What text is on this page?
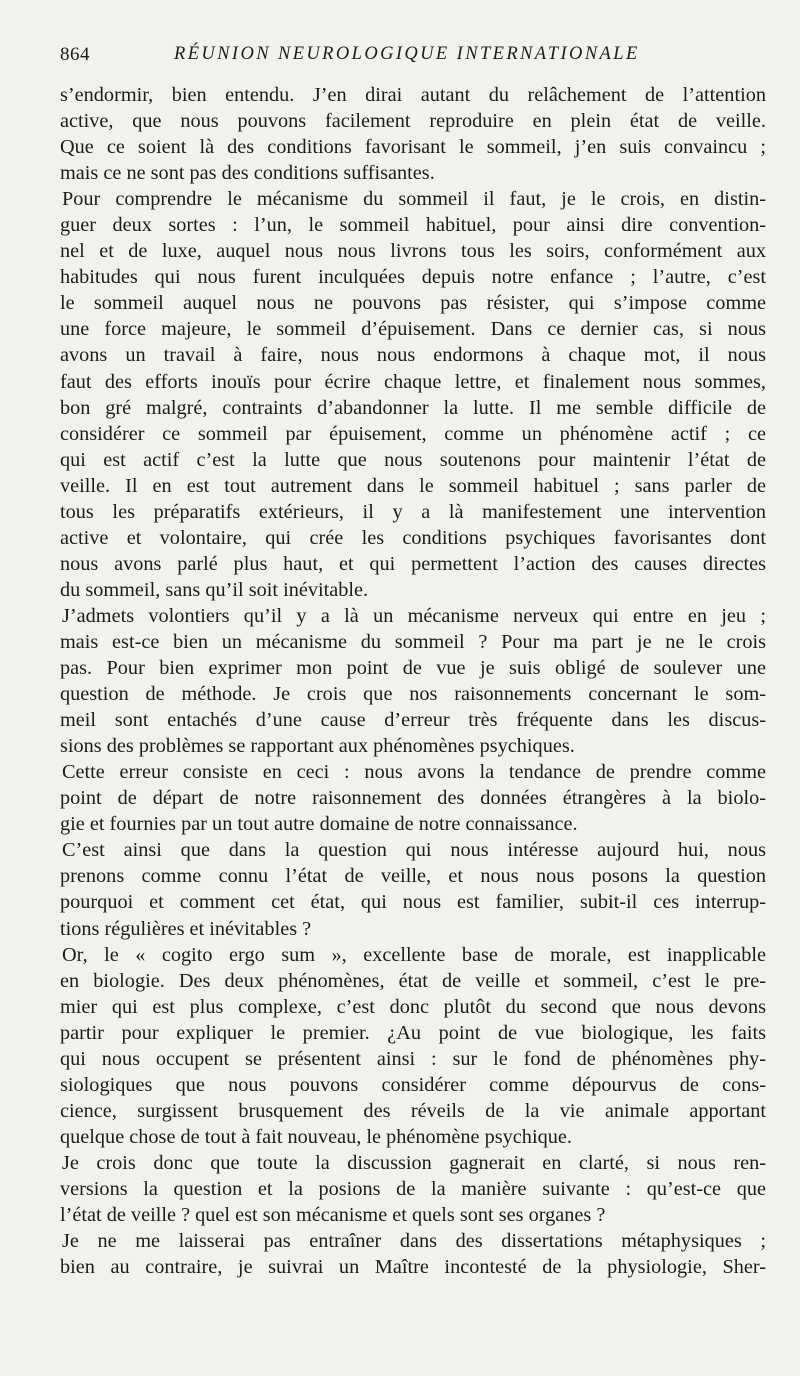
864	RÉUNION NEUROLOGIQUE INTERNATIONALE
s’endormir, bien entendu. J’en dirai autant du relâchement de l’attention
active, que nous pouvons facilement reproduire en plein état de veille.
Que ce soient là des conditions favorisant le sommeil, j’en suis convaincu ;
mais ce ne sont pas des conditions suffisantes.
Pour comprendre le mécanisme du sommeil il faut, je le crois, en distin-
guer deux sortes : l’un, le sommeil habituel, pour ainsi dire convention-
nel et de luxe, auquel nous nous livrons tous les soirs, conformément aux
habitudes qui nous furent inculquées depuis notre enfance ; l’autre, c’est
le sommeil auquel nous ne pouvons pas résister, qui s’impose comme
une force majeure, le sommeil d’épuisement. Dans ce dernier cas, si nous
avons un travail à faire, nous nous endormons à chaque mot, il nous
faut des efforts inouïs pour écrire chaque lettre, et finalement nous sommes,
bon gré malgré, contraints d’abandonner la lutte. Il me semble difficile de
considérer ce sommeil par épuisement, comme un phénomène actif ; ce
qui est actif c’est la lutte que nous soutenons pour maintenir l’état de
veille. Il en est tout autrement dans le sommeil habituel ; sans parler de
tous les préparatifs extérieurs, il y a là manifestement une intervention
active et volontaire, qui crée les conditions psychiques favorisantes dont
nous avons parlé plus haut, et qui permettent l’action des causes directes
du sommeil, sans qu’il soit inévitable.
J’admets volontiers qu’il y a là un mécanisme nerveux qui entre en jeu ;
mais est-ce bien un mécanisme du sommeil ? Pour ma part je ne le crois
pas. Pour bien exprimer mon point de vue je suis obligé de soulever une
question de méthode. Je crois que nos raisonnements concernant le som-
meil sont entachés d’une cause d’erreur très fréquente dans les discus-
sions des problèmes se rapportant aux phénomènes psychiques.
Cette erreur consiste en ceci : nous avons la tendance de prendre comme
point de départ de notre raisonnement des données étrangères à la biolo-
gie et fournies par un tout autre domaine de notre connaissance.
C’est ainsi que dans la question qui nous intéresse aujourd hui, nous
prenons comme connu l’état de veille, et nous nous posons la question
pourquoi et comment cet état, qui nous est familier, subit-il ces interrup-
tions régulières et inévitables ?
Or, le « cogito ergo sum », excellente base de morale, est inapplicable
en biologie. Des deux phénomènes, état de veille et sommeil, c’est le pre-
mier qui est plus complexe, c’est donc plutôt du second que nous devons
partir pour expliquer le premier. ¿Au point de vue biologique, les faits
qui nous occupent se présentent ainsi : sur le fond de phénomènes phy-
siologiques que nous pouvons considérer comme dépourvus de cons-
cience, surgissent brusquement des réveils de la vie animale apportant
quelque chose de tout à fait nouveau, le phénomène psychique.
Je crois donc que toute la discussion gagnerait en clarté, si nous ren-
versions la question et la posions de la manière suivante : qu’est-ce que
l’état de veille ? quel est son mécanisme et quels sont ses organes ?
Je ne me laisserai pas entraîner dans des dissertations métaphysiques ;
bien au contraire, je suivrai un Maître incontesté de la physiologie, Sher-
